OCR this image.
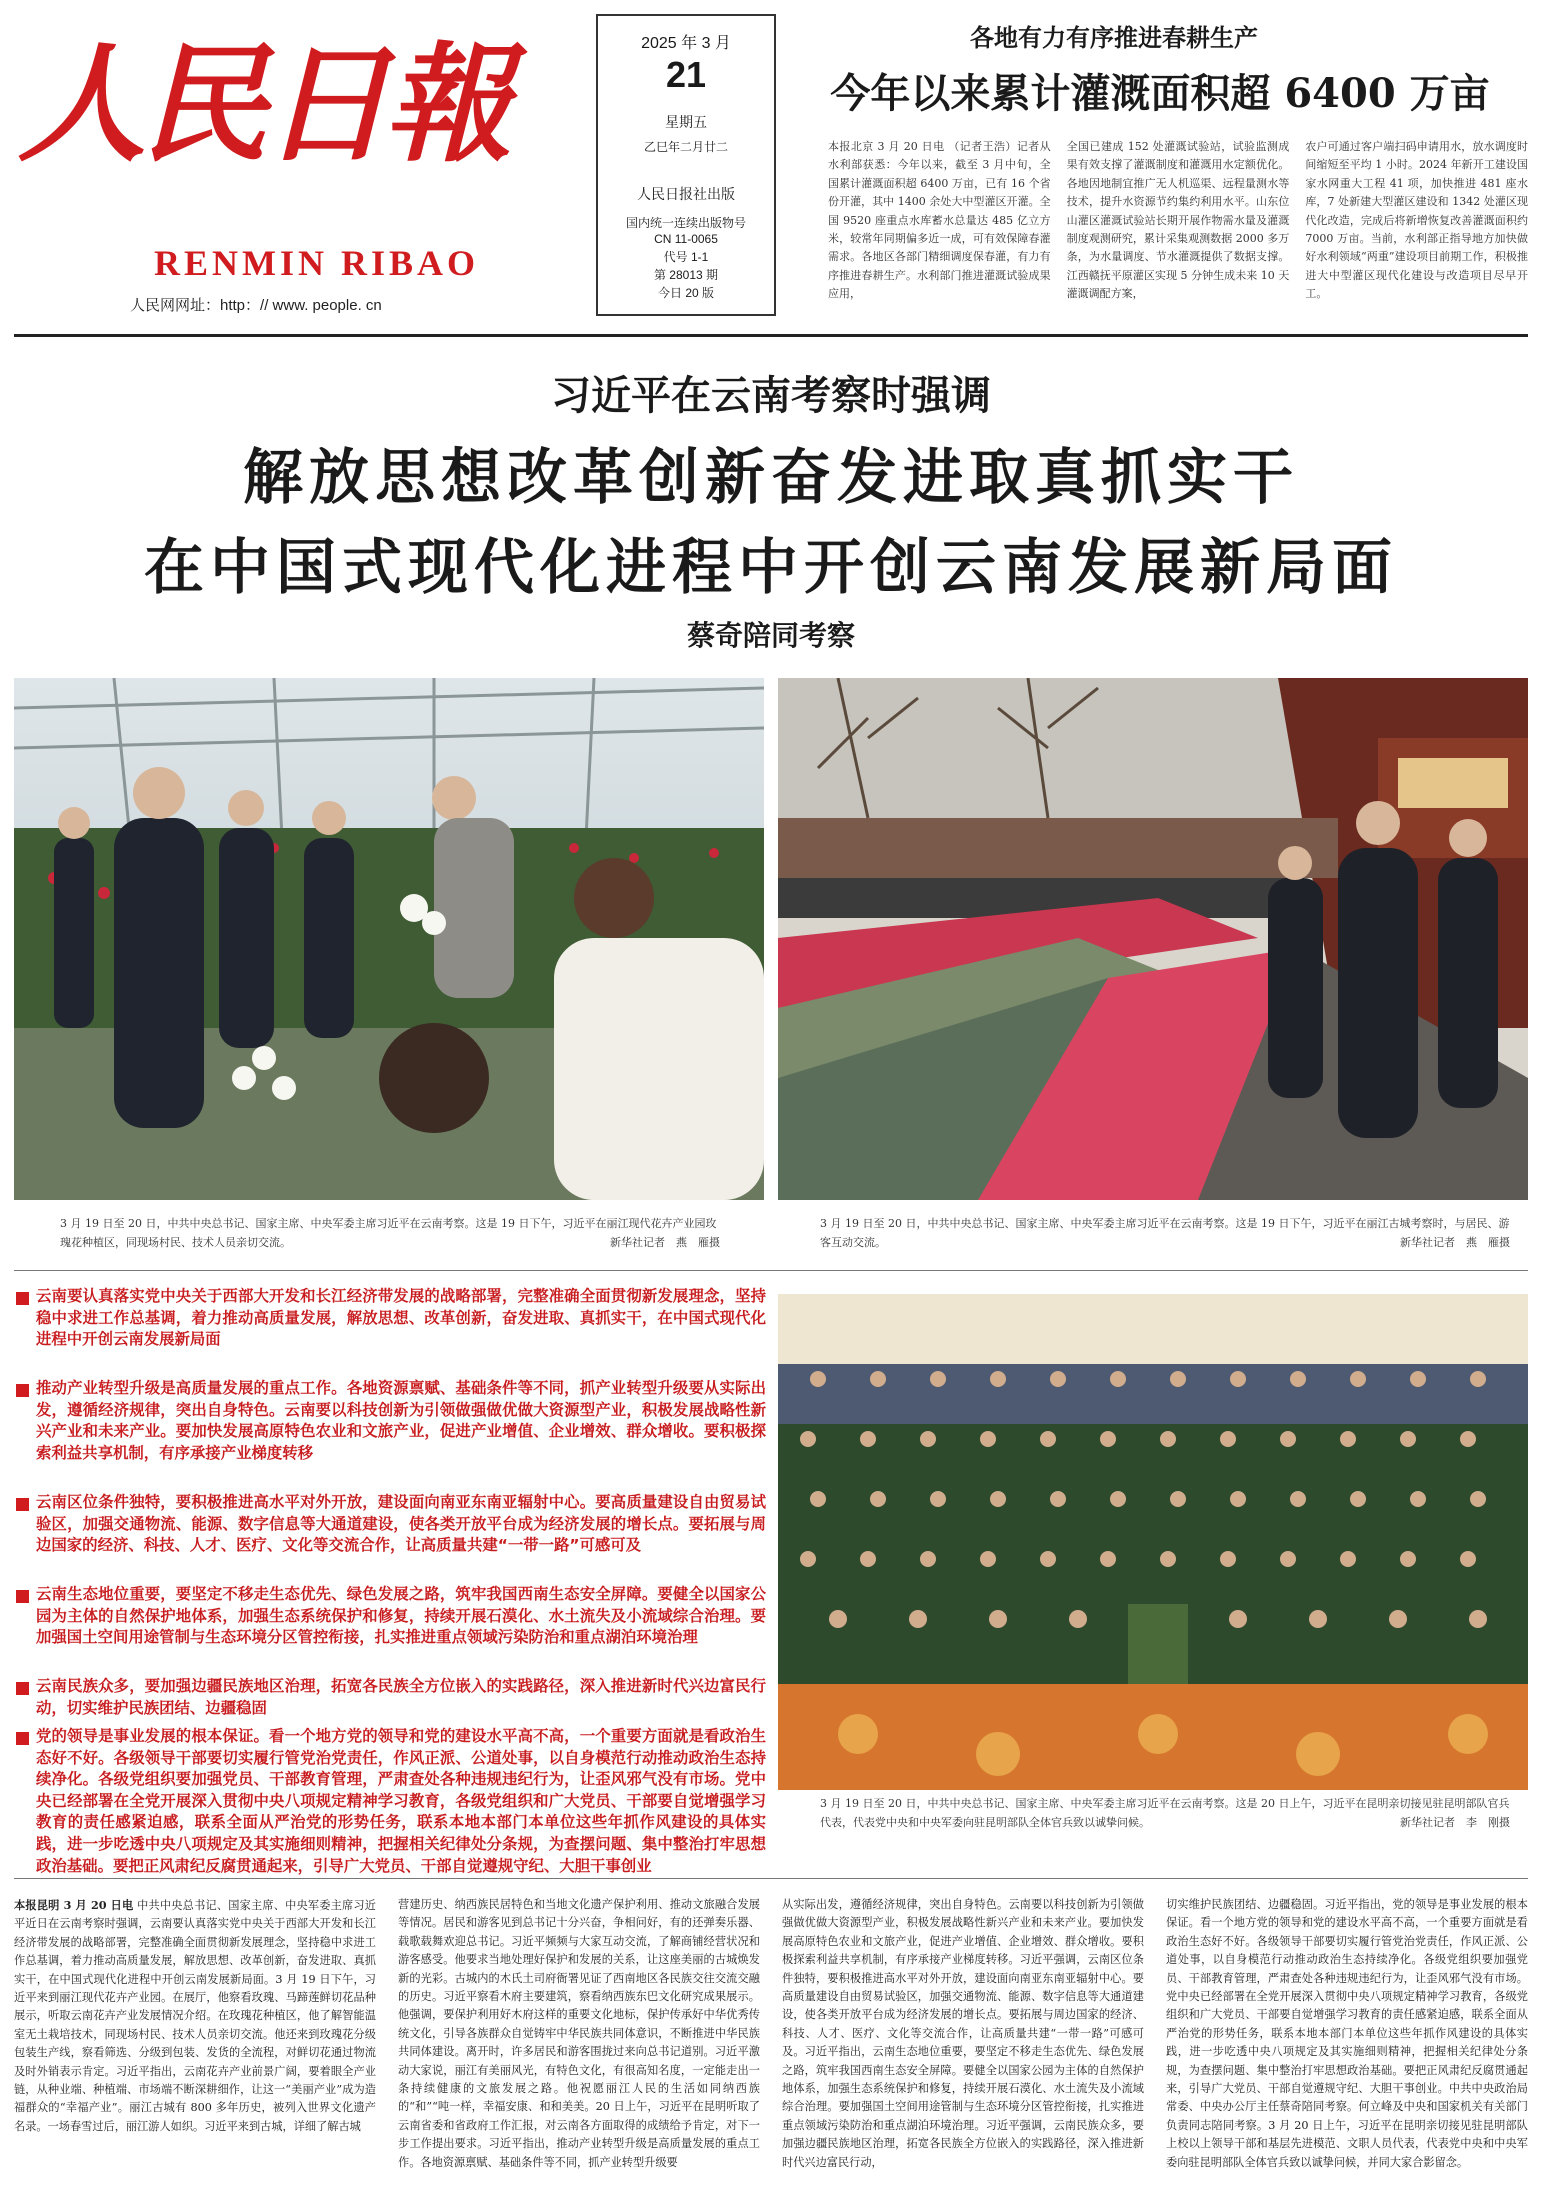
人民日報
RENMIN RIBAO
人民网网址：http：// www. people. cn
2025 年 3 月
21
星期五
乙巳年二月廿二
人民日报社出版
国内统一连续出版物号
CN 11-0065
代号 1-1
第 28013 期
今日 20 版
各地有力有序推进春耕生产
今年以来累计灌溉面积超 6400 万亩
本报北京 3 月 20 日电 （记者王浩）记者从水利部获悉：今年以来，截至 3 月中旬，全国累计灌溉面积超 6400 万亩，已有 16 个省份开灌，其中 1400 余处大中型灌区开灌。全国 9520 座重点水库蓄水总量达 485 亿立方米，较常年同期偏多近一成，可有效保障春灌需求。各地区各部门精细调度保春灌，有力有序推进春耕生产。水利部门推进灌溉试验成果应用，
全国已建成 152 处灌溉试验站，试验监测成果有效支撑了灌溉制度和灌溉用水定额优化。各地因地制宜推广无人机巡渠、远程量测水等技术，提升水资源节约集约利用水平。山东位山灌区灌溉试验站长期开展作物需水量及灌溉制度观测研究，累计采集观测数据 2000 多万条，为水量调度、节水灌溉提供了数据支撑。江西赣抚平原灌区实现 5 分钟生成未来 10 天灌溉调配方案，
农户可通过客户端扫码申请用水，放水调度时间缩短至平均 1 小时。2024 年新开工建设国家水网重大工程 41 项，加快推进 481 座水库，7 处新建大型灌区建设和 1342 处灌区现代化改造，完成后将新增恢复改善灌溉面积约 7000 万亩。当前，水利部正指导地方加快做好水利领域“两重”建设项目前期工作，积极推进大中型灌区现代化建设与改造项目尽早开工。
习近平在云南考察时强调
解放思想改革创新奋发进取真抓实干
在中国式现代化进程中开创云南发展新局面
蔡奇陪同考察
3 月 19 日至 20 日，中共中央总书记、国家主席、中央军委主席习近平在云南考察。这是 19 日下午，习近平在丽江现代花卉产业园玫瑰花种植区，同现场村民、技术人员亲切交流。	新华社记者　燕　雁摄
3 月 19 日至 20 日，中共中央总书记、国家主席、中央军委主席习近平在云南考察。这是 19 日下午，习近平在丽江古城考察时，与居民、游客互动交流。	新华社记者　燕　雁摄
3 月 19 日至 20 日，中共中央总书记、国家主席、中央军委主席习近平在云南考察。这是 20 日上午，习近平在昆明亲切接见驻昆明部队官兵代表，代表党中央和中央军委向驻昆明部队全体官兵致以诚挚问候。	新华社记者　李　刚摄
云南要认真落实党中央关于西部大开发和长江经济带发展的战略部署，完整准确全面贯彻新发展理念，坚持稳中求进工作总基调，着力推动高质量发展，解放思想、改革创新，奋发进取、真抓实干，在中国式现代化进程中开创云南发展新局面
推动产业转型升级是高质量发展的重点工作。各地资源禀赋、基础条件等不同，抓产业转型升级要从实际出发，遵循经济规律，突出自身特色。云南要以科技创新为引领做强做优做大资源型产业，积极发展战略性新兴产业和未来产业。要加快发展高原特色农业和文旅产业，促进产业增值、企业增效、群众增收。要积极探索利益共享机制，有序承接产业梯度转移
云南区位条件独特，要积极推进高水平对外开放，建设面向南亚东南亚辐射中心。要高质量建设自由贸易试验区，加强交通物流、能源、数字信息等大通道建设，使各类开放平台成为经济发展的增长点。要拓展与周边国家的经济、科技、人才、医疗、文化等交流合作，让高质量共建“一带一路”可感可及
云南生态地位重要，要坚定不移走生态优先、绿色发展之路，筑牢我国西南生态安全屏障。要健全以国家公园为主体的自然保护地体系，加强生态系统保护和修复，持续开展石漠化、水土流失及小流域综合治理。要加强国土空间用途管制与生态环境分区管控衔接，扎实推进重点领域污染防治和重点湖泊环境治理
云南民族众多，要加强边疆民族地区治理，拓宽各民族全方位嵌入的实践路径，深入推进新时代兴边富民行动，切实维护民族团结、边疆稳固
党的领导是事业发展的根本保证。看一个地方党的领导和党的建设水平高不高，一个重要方面就是看政治生态好不好。各级领导干部要切实履行管党治党责任，作风正派、公道处事，以自身模范行动推动政治生态持续净化。各级党组织要加强党员、干部教育管理，严肃查处各种违规违纪行为，让歪风邪气没有市场。党中央已经部署在全党开展深入贯彻中央八项规定精神学习教育，各级党组织和广大党员、干部要自觉增强学习教育的责任感紧迫感，联系全面从严治党的形势任务，联系本地本部门本单位这些年抓作风建设的具体实践，进一步吃透中央八项规定及其实施细则精神，把握相关纪律处分条规，为查摆问题、集中整治打牢思想政治基础。要把正风肃纪反腐贯通起来，引导广大党员、干部自觉遵规守纪、大胆干事创业
本报昆明 3 月 20 日电 中共中央总书记、国家主席、中央军委主席习近平近日在云南考察时强调，云南要认真落实党中央关于西部大开发和长江经济带发展的战略部署，完整准确全面贯彻新发展理念，坚持稳中求进工作总基调，着力推动高质量发展，解放思想、改革创新，奋发进取、真抓实干，在中国式现代化进程中开创云南发展新局面。3 月 19 日下午，习近平来到丽江现代花卉产业园。在展厅，他察看玫瑰、马蹄莲鲜切花品种展示，听取云南花卉产业发展情况介绍。在玫瑰花种植区，他了解智能温室无土栽培技术，同现场村民、技术人员亲切交流。他还来到玫瑰花分级包装生产线，察看筛选、分级到包装、发货的全流程，对鲜切花通过物流及时外销表示肯定。习近平指出，云南花卉产业前景广阔，要着眼全产业链，从种业端、种植端、市场端不断深耕细作，让这一“美丽产业”成为造福群众的“幸福产业”。丽江古城有 800 多年历史，被列入世界文化遗产名录。一场春雪过后，丽江游人如织。习近平来到古城，详细了解古城
营建历史、纳西族民居特色和当地文化遗产保护利用、推动文旅融合发展等情况。居民和游客见到总书记十分兴奋，争相问好，有的还弹奏乐器、载歌载舞欢迎总书记。习近平频频与大家互动交流，了解商铺经营状况和游客感受。他要求当地处理好保护和发展的关系，让这座美丽的古城焕发新的光彩。古城内的木氏土司府衙署见证了西南地区各民族交往交流交融的历史。习近平察看木府主要建筑，察看纳西族东巴文化研究成果展示。他强调，要保护利用好木府这样的重要文化地标，保护传承好中华优秀传统文化，引导各族群众自觉铸牢中华民族共同体意识，不断推进中华民族共同体建设。离开时，许多居民和游客围拢过来向总书记道别。习近平激动大家说，丽江有美丽风光，有特色文化，有很高知名度，一定能走出一条持续健康的文旅发展之路。他祝愿丽江人民的生活如同纳西族的“和”“吨一样，幸福安康、和和美美。20 日上午，习近平在昆明听取了云南省委和省政府工作汇报，对云南各方面取得的成绩给予肯定，对下一步工作提出要求。习近平指出，推动产业转型升级是高质量发展的重点工作。各地资源禀赋、基础条件等不同，抓产业转型升级要
从实际出发，遵循经济规律，突出自身特色。云南要以科技创新为引领做强做优做大资源型产业，积极发展战略性新兴产业和未来产业。要加快发展高原特色农业和文旅产业，促进产业增值、企业增效、群众增收。要积极探索利益共享机制，有序承接产业梯度转移。习近平强调，云南区位条件独特，要积极推进高水平对外开放，建设面向南亚东南亚辐射中心。要高质量建设自由贸易试验区，加强交通物流、能源、数字信息等大通道建设，使各类开放平台成为经济发展的增长点。要拓展与周边国家的经济、科技、人才、医疗、文化等交流合作，让高质量共建“一带一路”可感可及。习近平指出，云南生态地位重要，要坚定不移走生态优先、绿色发展之路，筑牢我国西南生态安全屏障。要健全以国家公园为主体的自然保护地体系，加强生态系统保护和修复，持续开展石漠化、水土流失及小流域综合治理。要加强国土空间用途管制与生态环境分区管控衔接，扎实推进重点领域污染防治和重点湖泊环境治理。习近平强调，云南民族众多，要加强边疆民族地区治理，拓宽各民族全方位嵌入的实践路径，深入推进新时代兴边富民行动，
切实维护民族团结、边疆稳固。习近平指出，党的领导是事业发展的根本保证。看一个地方党的领导和党的建设水平高不高，一个重要方面就是看政治生态好不好。各级领导干部要切实履行管党治党责任，作风正派、公道处事，以自身模范行动推动政治生态持续净化。各级党组织要加强党员、干部教育管理，严肃查处各种违规违纪行为，让歪风邪气没有市场。党中央已经部署在全党开展深入贯彻中央八项规定精神学习教育，各级党组织和广大党员、干部要自觉增强学习教育的责任感紧迫感，联系全面从严治党的形势任务，联系本地本部门本单位这些年抓作风建设的具体实践，进一步吃透中央八项规定及其实施细则精神，把握相关纪律处分条规，为查摆问题、集中整治打牢思想政治基础。要把正风肃纪反腐贯通起来，引导广大党员、干部自觉遵规守纪、大胆干事创业。中共中央政治局常委、中央办公厅主任蔡奇陪同考察。何立峰及中央和国家机关有关部门负责同志陪同考察。3 月 20 日上午，习近平在昆明亲切接见驻昆明部队上校以上领导干部和基层先进模范、文职人员代表，代表党中央和中央军委向驻昆明部队全体官兵致以诚挚问候，并同大家合影留念。
